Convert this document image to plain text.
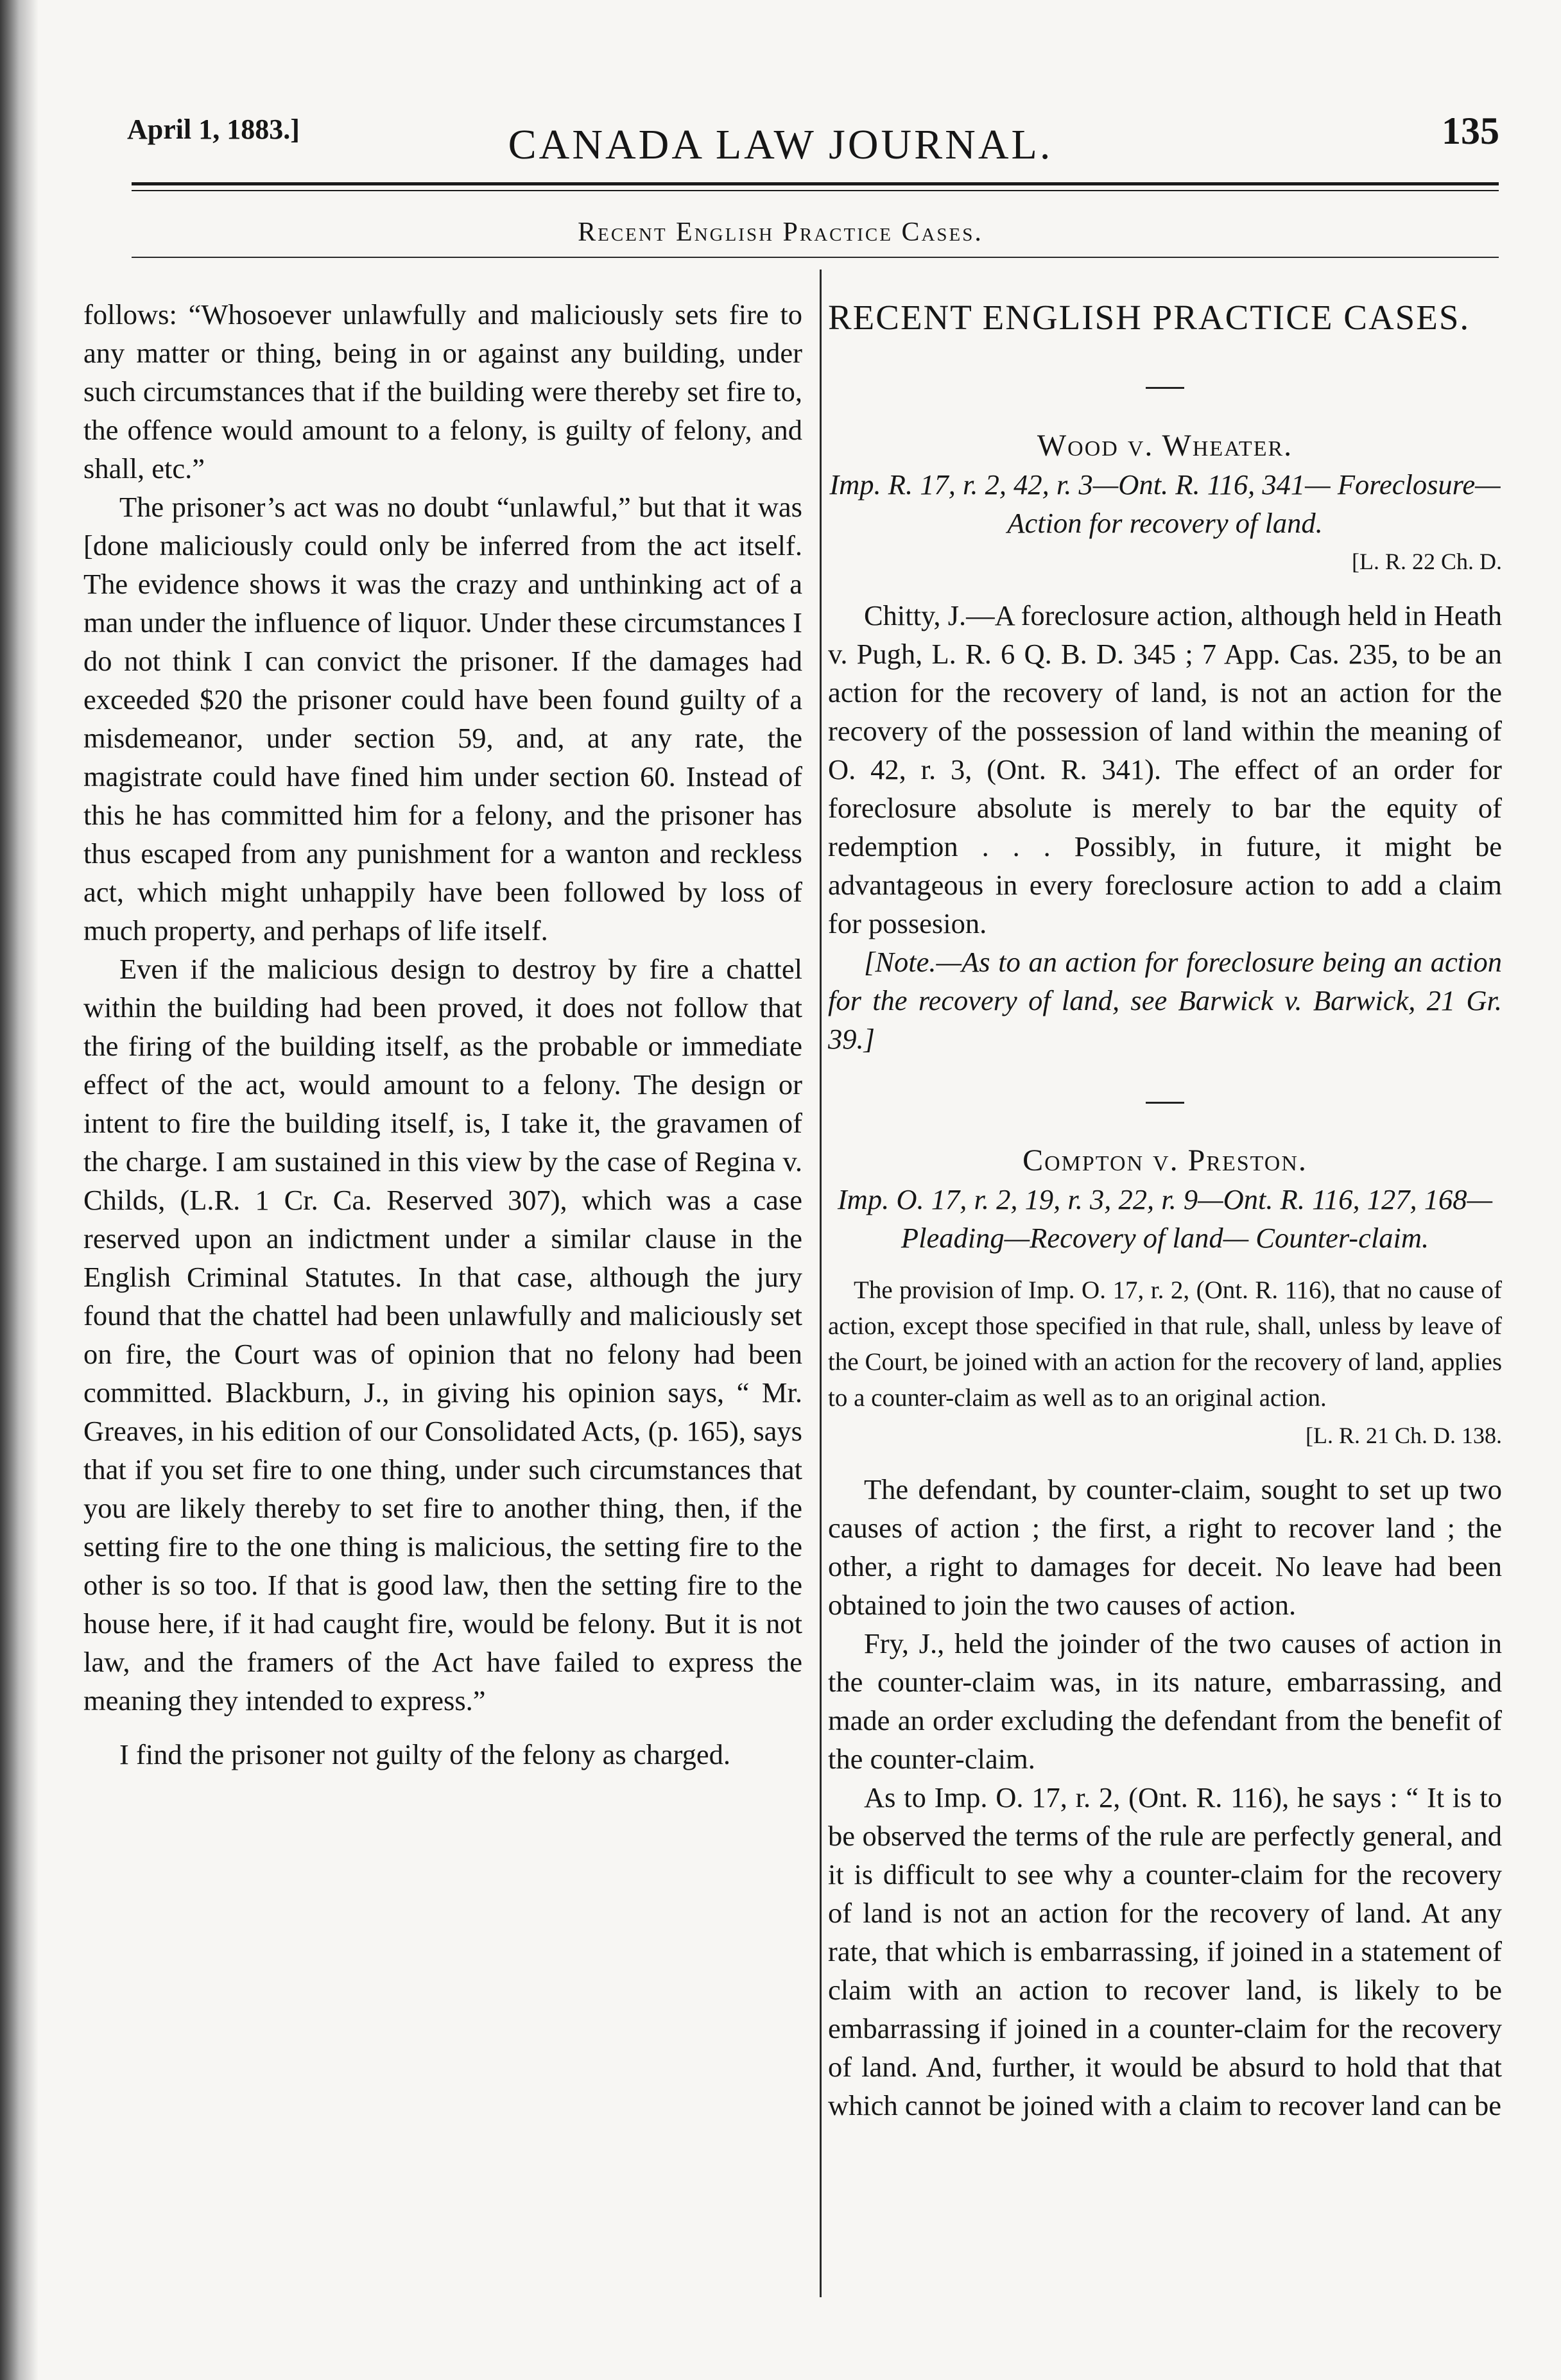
April 1, 1883.]	CANADA LAW JOURNAL.	135
Recent English Practice Cases.

follows: “Whosoever unlawfully and maliciously sets fire to any matter or thing, being in or against any building, under such circumstances that if the building were thereby set fire to, the offence would amount to a felony, is guilty of felony, and shall, etc.”

The prisoner’s act was no doubt “unlawful,” but that it was [done maliciously could only be inferred from the act itself. The evidence shows it was the crazy and unthinking act of a man under the influence of liquor. Under these circumstances I do not think I can convict the prisoner. If the damages had exceeded $20 the prisoner could have been found guilty of a misdemeanor, under section 59, and, at any rate, the magistrate could have fined him under section 60. Instead of this he has committed him for a felony, and the prisoner has thus escaped from any punishment for a wanton and reckless act, which might unhappily have been followed by loss of much property, and perhaps of life itself.

Even if the malicious design to destroy by fire a chattel within the building had been proved, it does not follow that the firing of the building itself, as the probable or immediate effect of the act, would amount to a felony. The design or intent to fire the building itself, is, I take it, the gravamen of the charge. I am sustained in this view by the case of Regina v. Childs, (L.R. 1 Cr. Ca. Reserved 307), which was a case reserved upon an indictment under a similar clause in the English Criminal Statutes. In that case, although the jury found that the chattel had been unlawfully and maliciously set on fire, the Court was of opinion that no felony had been committed. Blackburn, J., in giving his opinion says, “ Mr. Greaves, in his edition of our Consolidated Acts, (p. 165), says that if you set fire to one thing, under such circumstances that you are likely thereby to set fire to another thing, then, if the setting fire to the one thing is malicious, the setting fire to the other is so too. If that is good law, then the setting fire to the house here, if it had caught fire, would be felony. But it is not law, and the framers of the Act have failed to express the meaning they intended to express.”

I find the prisoner not guilty of the felony as charged.

RECENT ENGLISH PRACTICE CASES.

Wood v. Wheater.

Imp. R. 17, r. 2, 42, r. 3—Ont. R. 116, 341— Foreclosure—Action for recovery of land.

[L. R. 22 Ch. D.

Chitty, J.—A foreclosure action, although held in Heath v. Pugh, L. R. 6 Q. B. D. 345 ; 7 App. Cas. 235, to be an action for the recovery of land, is not an action for the recovery of the possession of land within the meaning of O. 42, r. 3, (Ont. R. 341). The effect of an order for foreclosure absolute is merely to bar the equity of redemption . . . Possibly, in future, it might be advantageous in every foreclosure action to add a claim for possesion.

[Note.—As to an action for foreclosure being an action for the recovery of land, see Barwick v. Barwick, 21 Gr. 39.]

Compton v. Preston.

Imp. O. 17, r. 2, 19, r. 3, 22, r. 9—Ont. R. 116, 127, 168—Pleading—Recovery of land— Counter-claim.

The provision of Imp. O. 17, r. 2, (Ont. R. 116), that no cause of action, except those specified in that rule, shall, unless by leave of the Court, be joined with an action for the recovery of land, applies to a counter-claim as well as to an original action.

[L. R. 21 Ch. D. 138.

The defendant, by counter-claim, sought to set up two causes of action ; the first, a right to recover land ; the other, a right to damages for deceit. No leave had been obtained to join the two causes of action.

Fry, J., held the joinder of the two causes of action in the counter-claim was, in its nature, embarrassing, and made an order excluding the defendant from the benefit of the counter-claim.

As to Imp. O. 17, r. 2, (Ont. R. 116), he says : “ It is to be observed the terms of the rule are perfectly general, and it is difficult to see why a counter-claim for the recovery of land is not an action for the recovery of land. At any rate, that which is embarrassing, if joined in a statement of claim with an action to recover land, is likely to be embarrassing if joined in a counter-claim for the recovery of land. And, further, it would be absurd to hold that that which cannot be joined with a claim to recover land can be
